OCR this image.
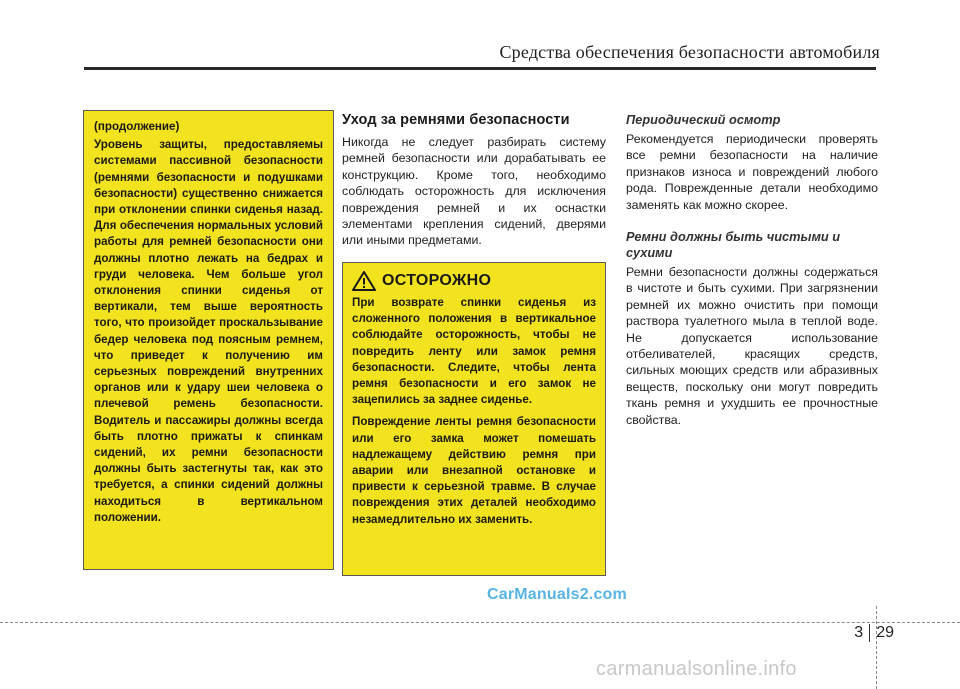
Средства обеспечения безопасности автомобиля
(продолжение)
Уровень защиты, предоставляемы системами пассивной безопасности (ремнями безопасности и подушками безопасности) существенно снижается при отклонении спинки сиденья назад. Для обеспечения нормальных условий работы для ремней безопасности они должны плотно лежать на бедрах и груди человека. Чем больше угол отклонения спинки сиденья от вертикали, тем выше вероятность того, что произойдет проскальзывание бедер человека под поясным ремнем, что приведет к получению им серьезных повреждений внутренних органов или к удару шеи человека о плечевой ремень безопасности. Водитель и пассажиры должны всегда быть плотно прижаты к спинкам сидений, их ремни безопасности должны быть застегнуты так, как это требуется, а спинки сидений должны находиться в вертикальном положении.
Уход за ремнями безопасности
Никогда не следует разбирать систему ремней безопасности или дорабатывать ее конструкцию. Кроме того, необходимо соблюдать осторожность для исключения повреждения ремней и их оснастки элементами крепления сидений, дверями или иными предметами.
ОСТОРОЖНО
При возврате спинки сиденья из сложенного положения в вертикальное соблюдайте осторожность, чтобы не повредить ленту или замок ремня безопасности. Следите, чтобы лента ремня безопасности и его замок не зацепились за заднее сиденье.
Повреждение ленты ремня безопасности или его замка может помешать надлежащему действию ремня при аварии или внезапной остановке и привести к серьезной травме. В случае повреждения этих деталей необходимо незамедлительно их заменить.
Периодический осмотр
Рекомендуется периодически проверять все ремни безопасности на наличие признаков износа и повреждений любого рода. Поврежденные детали необходимо заменять как можно скорее.
Ремни должны быть чистыми и сухими
Ремни безопасности должны содержаться в чистоте и быть сухими. При загрязнении ремней их можно очистить при помощи раствора туалетного мыла в теплой воде. Не допускается использование отбеливателей, красящих средств, сильных моющих средств или абразивных веществ, поскольку они могут повредить ткань ремня и ухудшить ее прочностные свойства.
CarManuals2.com
3 29
carmanualsonline.info
